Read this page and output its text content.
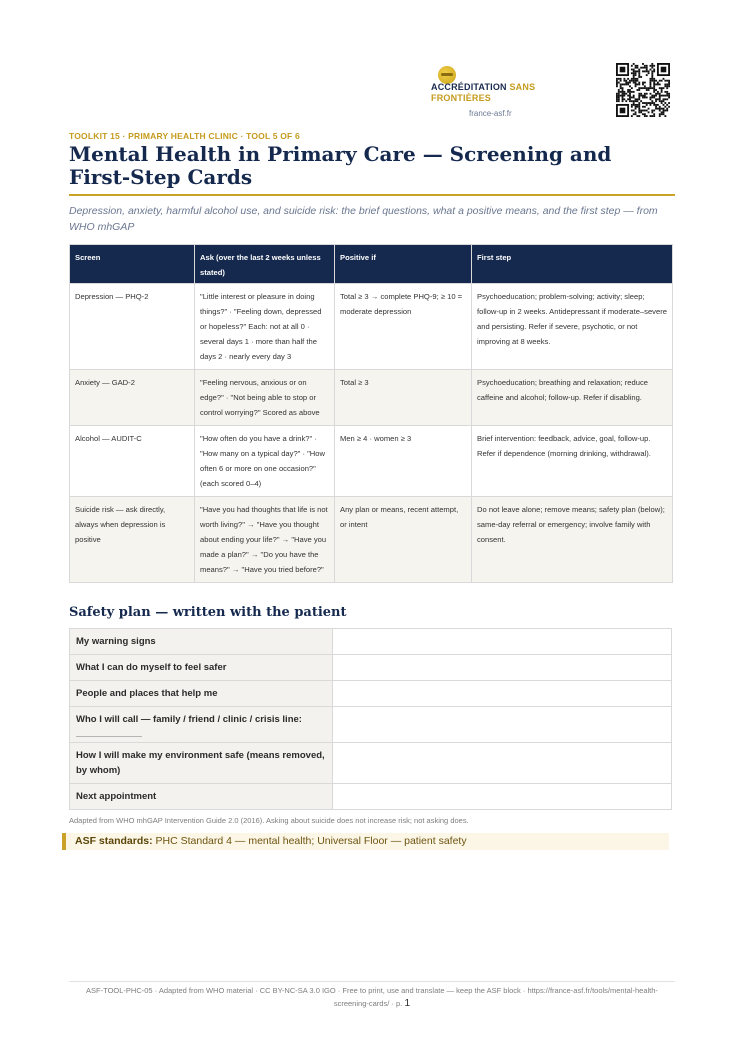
ACCRÉDITATION SANS FRONTIÈRES
france-asf.fr
TOOLKIT 15 · PRIMARY HEALTH CLINIC · TOOL 5 OF 6
Mental Health in Primary Care — Screening and First-Step Cards
Depression, anxiety, harmful alcohol use, and suicide risk: the brief questions, what a positive means, and the first step — from WHO mhGAP
Screen	Ask (over the last 2 weeks unless stated)	Positive if	First step
Depression — PHQ-2	"Little interest or pleasure in doing things?" · "Feeling down, depressed or hopeless?" Each: not at all 0 · several days 1 · more than half the days 2 · nearly every day 3	Total ≥ 3 → complete PHQ-9; ≥ 10 = moderate depression	Psychoeducation; problem-solving; activity; sleep; follow-up in 2 weeks. Antidepressant if moderate–severe and persisting. Refer if severe, psychotic, or not improving at 8 weeks.
Anxiety — GAD-2	"Feeling nervous, anxious or on edge?" · "Not being able to stop or control worrying?" Scored as above	Total ≥ 3	Psychoeducation; breathing and relaxation; reduce caffeine and alcohol; follow-up. Refer if disabling.
Alcohol — AUDIT-C	"How often do you have a drink?" · "How many on a typical day?" · "How often 6 or more on one occasion?" (each scored 0–4)	Men ≥ 4 · women ≥ 3	Brief intervention: feedback, advice, goal, follow-up. Refer if dependence (morning drinking, withdrawal).
Suicide risk — ask directly, always when depression is positive	"Have you had thoughts that life is not worth living?" → "Have you thought about ending your life?" → "Have you made a plan?" → "Do you have the means?" → "Have you tried before?"	Any plan or means, recent attempt, or intent	Do not leave alone; remove means; safety plan (below); same-day referral or emergency; involve family with consent.
Safety plan — written with the patient
My warning signs	
What I can do myself to feel safer	
People and places that help me	
Who I will call — family / friend / clinic / crisis line:

How I will make my environment safe (means removed, by whom)	
Next appointment	
Adapted from WHO mhGAP Intervention Guide 2.0 (2016). Asking about suicide does not increase risk; not asking does.
ASF standards: PHC Standard 4 — mental health; Universal Floor — patient safety
ASF-TOOL-PHC-05 · Adapted from WHO material · CC BY-NC-SA 3.0 IGO · Free to print, use and translate — keep the ASF block · https://france-asf.fr/tools/mental-health-screening-cards/ · p. 1
